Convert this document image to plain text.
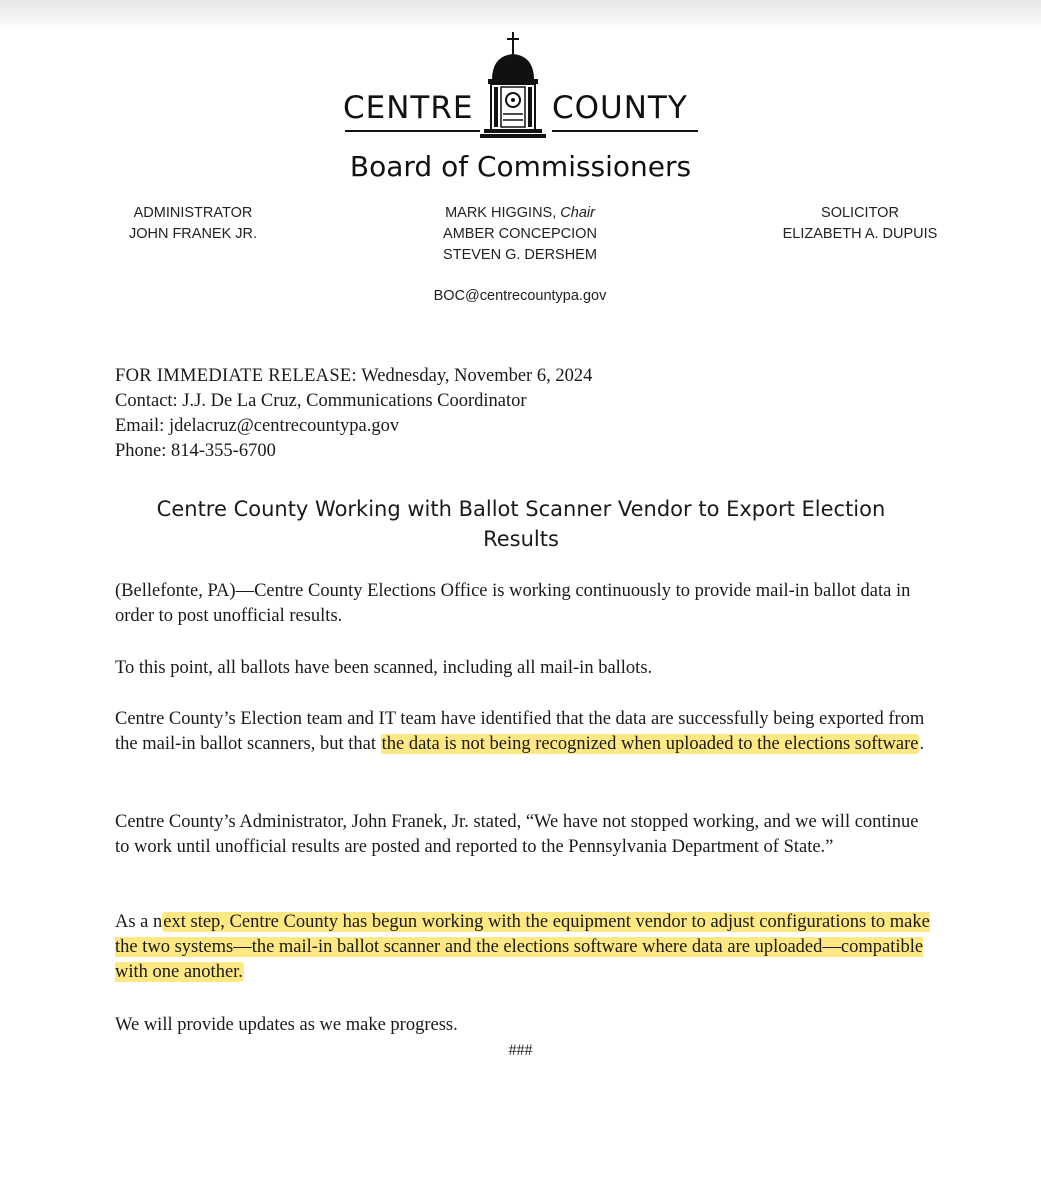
CENTRE	COUNTY
Board of Commissioners
ADMINISTRATOR
JOHN FRANEK JR.
MARK HIGGINS, Chair
AMBER CONCEPCION
STEVEN G. DERSHEM
BOC@centrecountypa.gov
SOLICITOR
ELIZABETH A. DUPUIS
FOR IMMEDIATE RELEASE: Wednesday, November 6, 2024
Contact: J.J. De La Cruz, Communications Coordinator
Email: jdelacruz@centrecountypa.gov
Phone: 814-355-6700
Centre County Working with Ballot Scanner Vendor to Export Election
Results
(Bellefonte, PA)—Centre County Elections Office is working continuously to provide mail-in ballot data in order to post unofficial results.
To this point, all ballots have been scanned, including all mail-in ballots.
Centre County’s Election team and IT team have identified that the data are successfully being exported from the mail-in ballot scanners, but that the data is not being recognized when uploaded to the elections software.
Centre County’s Administrator, John Franek, Jr. stated, “We have not stopped working, and we will continue to work until unofficial results are posted and reported to the Pennsylvania Department of State.”
As a next step, Centre County has begun working with the equipment vendor to adjust configurations to make the two systems—the mail-in ballot scanner and the elections software where data are uploaded—compatible with one another.
We will provide updates as we make progress.
###
